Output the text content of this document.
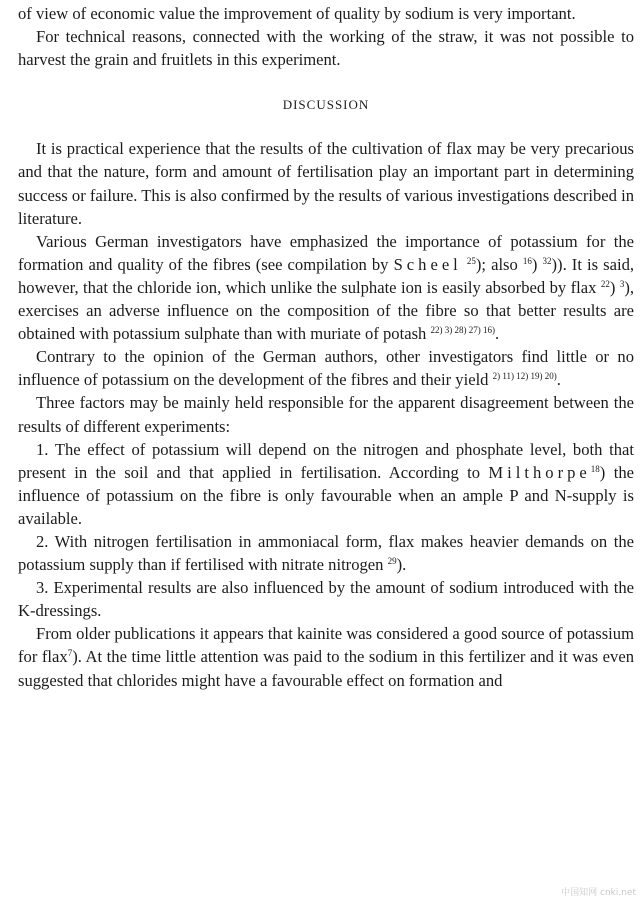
of view of economic value the improvement of quality by sodium is very important.

For technical reasons, connected with the working of the straw, it was not possible to harvest the grain and fruitlets in this experiment.

DISCUSSION

It is practical experience that the results of the cultivation of flax may be very precarious and that the nature, form and amount of fertilisation play an important part in determining success or failure. This is also confirmed by the results of various investigations described in literature.

Various German investigators have emphasized the importance of potassium for the formation and quality of the fibres (see compilation by Scheel $^{25}$); also $^{16}$) $^{32}$)). It is said, however, that the chloride ion, which unlike the sulphate ion is easily absorbed by flax $^{22}$) $^3$), exercises an adverse influence on the composition of the fibre so that better results are obtained with potassium sulphate than with muriate of potash $^{22) 3) 28) 27) 16)}$.

Contrary to the opinion of the German authors, other investigators find little or no influence of potassium on the development of the fibres and their yield $^{2) 11) 12) 19) 20)}$.

Three factors may be mainly held responsible for the apparent disagreement between the results of different experiments:

1. The effect of potassium will depend on the nitrogen and phosphate level, both that present in the soil and that applied in fertilisation. According to Milthorpe$^{18}$) the influence of potassium on the fibre is only favourable when an ample P and N-supply is available.

2. With nitrogen fertilisation in ammoniacal form, flax makes heavier demands on the potassium supply than if fertilised with nitrate nitrogen $^{29}$).

3. Experimental results are also influenced by the amount of sodium introduced with the K-dressings.

From older publications it appears that kainite was considered a good source of potassium for flax$^7$). At the time little attention was paid to the sodium in this fertilizer and it was even suggested that chlorides might have a favourable effect on formation and

中国知网 cnki.net
